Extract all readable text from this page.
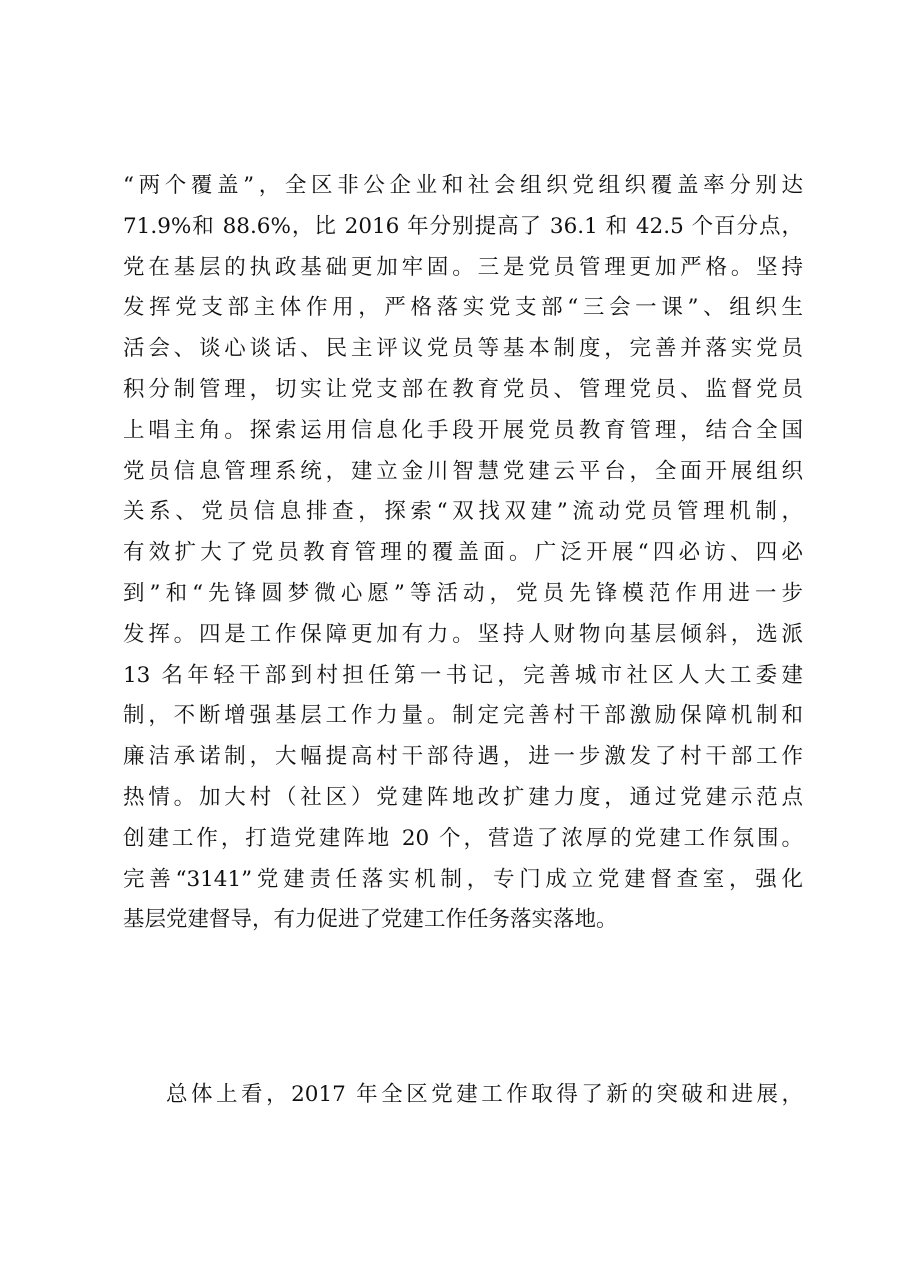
“两个覆盖”，全区非公企业和社会组织党组织覆盖率分别达
71.9%和 88.6%，比 2016 年分别提高了 36.1 和 42.5 个百分点，
党在基层的执政基础更加牢固。三是党员管理更加严格。坚持
发挥党支部主体作用，严格落实党支部“三会一课”、组织生
活会、谈心谈话、民主评议党员等基本制度，完善并落实党员
积分制管理，切实让党支部在教育党员、管理党员、监督党员
上唱主角。探索运用信息化手段开展党员教育管理，结合全国
党员信息管理系统，建立金川智慧党建云平台，全面开展组织
关系、党员信息排查，探索“双找双建”流动党员管理机制，
有效扩大了党员教育管理的覆盖面。广泛开展“四必访、四必
到”和“先锋圆梦微心愿”等活动，党员先锋模范作用进一步
发挥。四是工作保障更加有力。坚持人财物向基层倾斜，选派
13 名年轻干部到村担任第一书记，完善城市社区人大工委建
制，不断增强基层工作力量。制定完善村干部激励保障机制和
廉洁承诺制，大幅提高村干部待遇，进一步激发了村干部工作
热情。加大村（社区）党建阵地改扩建力度，通过党建示范点
创建工作，打造党建阵地 20 个，营造了浓厚的党建工作氛围。
完善“3141”党建责任落实机制，专门成立党建督查室，强化
基层党建督导，有力促进了党建工作任务落实落地。
总体上看，2017 年全区党建工作取得了新的突破和进展，
